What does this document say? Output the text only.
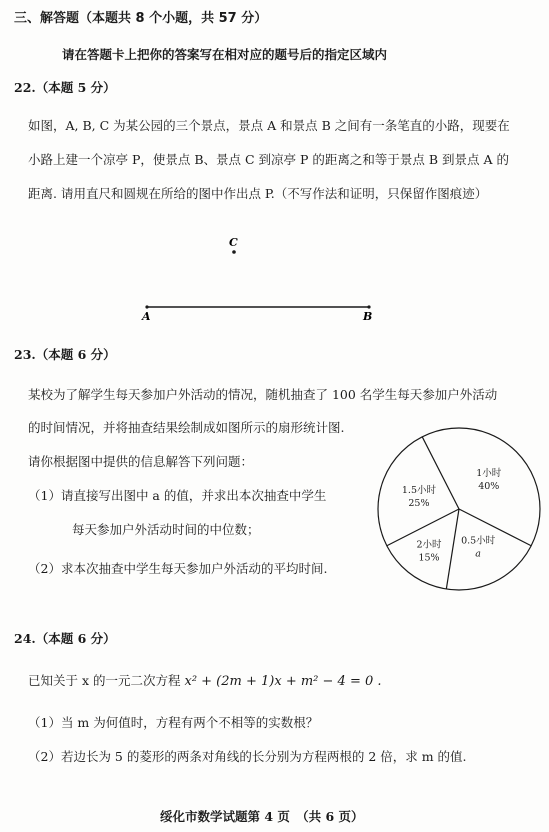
三、解答题（本题共 8 个小题，共 57 分）
请在答题卡上把你的答案写在相对应的题号后的指定区域内
22.（本题 5 分）
如图，A, B, C 为某公园的三个景点，景点 A 和景点 B 之间有一条笔直的小路，现要在
小路上建一个凉亭 P，使景点 B、景点 C 到凉亭 P 的距离之和等于景点 B 到景点 A 的
距离. 请用直尺和圆规在所给的图中作出点 P.（不写作法和证明，只保留作图痕迹）
C
A	B
23.（本题 6 分）
某校为了解学生每天参加户外活动的情况，随机抽查了 100 名学生每天参加户外活动
的时间情况，并将抽查结果绘制成如图所示的扇形统计图.
请你根据图中提供的信息解答下列问题：
（1）请直接写出图中 a 的值，并求出本次抽查中学生
每天参加户外活动时间的中位数；
（2）求本次抽查中学生每天参加户外活动的平均时间.
1小时
40%
0.5小时
a
2小时
15%
1.5小时
25%
24.（本题 6 分）
已知关于 x 的一元二次方程 x² + (2m + 1)x + m² − 4 = 0 .
（1）当 m 为何值时，方程有两个不相等的实数根？
（2）若边长为 5 的菱形的两条对角线的长分别为方程两根的 2 倍，求 m 的值.
绥化市数学试题第 4 页　（共 6 页）
